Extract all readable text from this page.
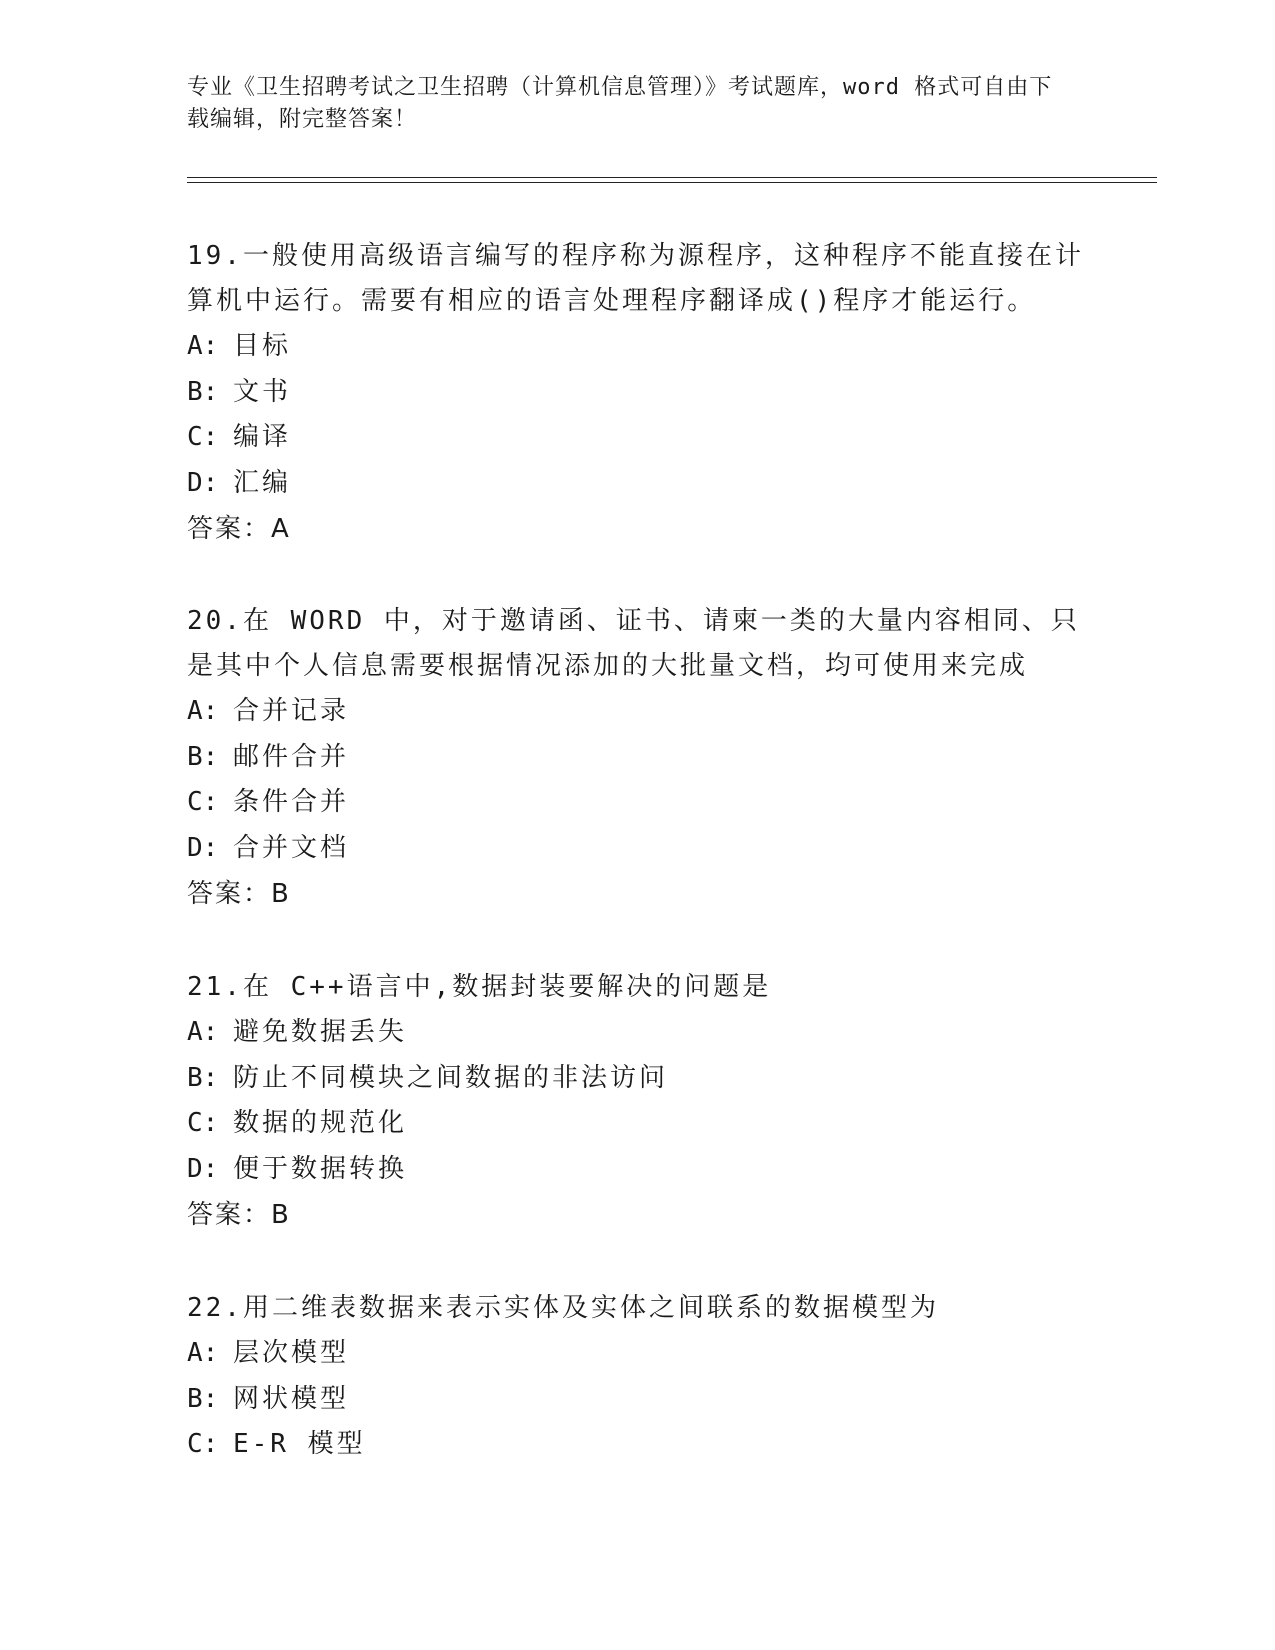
专业《卫生招聘考试之卫生招聘（计算机信息管理）》考试题库，word 格式可自由下载编辑，附完整答案！

19.一般使用高级语言编写的程序称为源程序，这种程序不能直接在计算机中运行。需要有相应的语言处理程序翻译成()程序才能运行。

A: 目标

B: 文书

C: 编译

D: 汇编

答案：A

20.在 WORD 中，对于邀请函、证书、请柬一类的大量内容相同、只是其中个人信息需要根据情况添加的大批量文档，均可使用来完成

A: 合并记录

B: 邮件合并

C: 条件合并

D: 合并文档

答案：B

21.在 C++语言中,数据封装要解决的问题是

A: 避免数据丢失

B: 防止不同模块之间数据的非法访问

C: 数据的规范化

D: 便于数据转换

答案：B

22.用二维表数据来表示实体及实体之间联系的数据模型为

A: 层次模型

B: 网状模型

C: E-R 模型
